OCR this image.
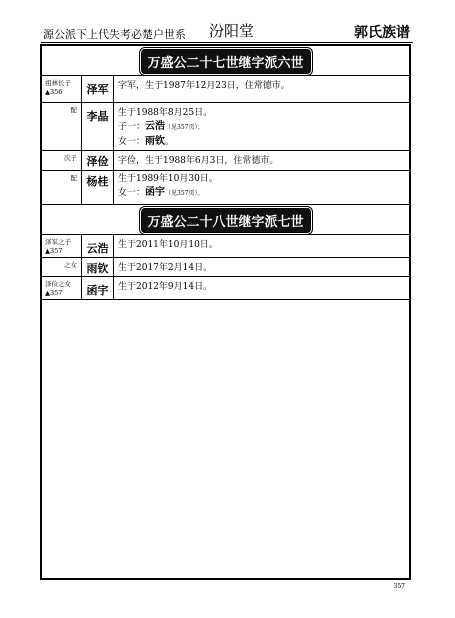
源公派下上代失考必楚户世系 汾阳堂	郭氏族谱
万盛公二十七世继字派六世
祖林长子
▲356	泽军	字军，生于1987年12月23日，住常德市。
配 李晶	生于1988年8月25日。
子一：云浩（见357页）；
女一：雨钦。
次子 泽俭	字俭，生于1988年6月3日，住常德市。
配 杨桂	生于1989年10月30日。
女一：函宇（见357页）。
万盛公二十八世继字派七世
泽军之子
▲357	云浩	生于2011年10月10日。
之女 雨钦	生于2017年2月14日。
泽俭之女
▲357	函宇	生于2012年9月14日。
357
